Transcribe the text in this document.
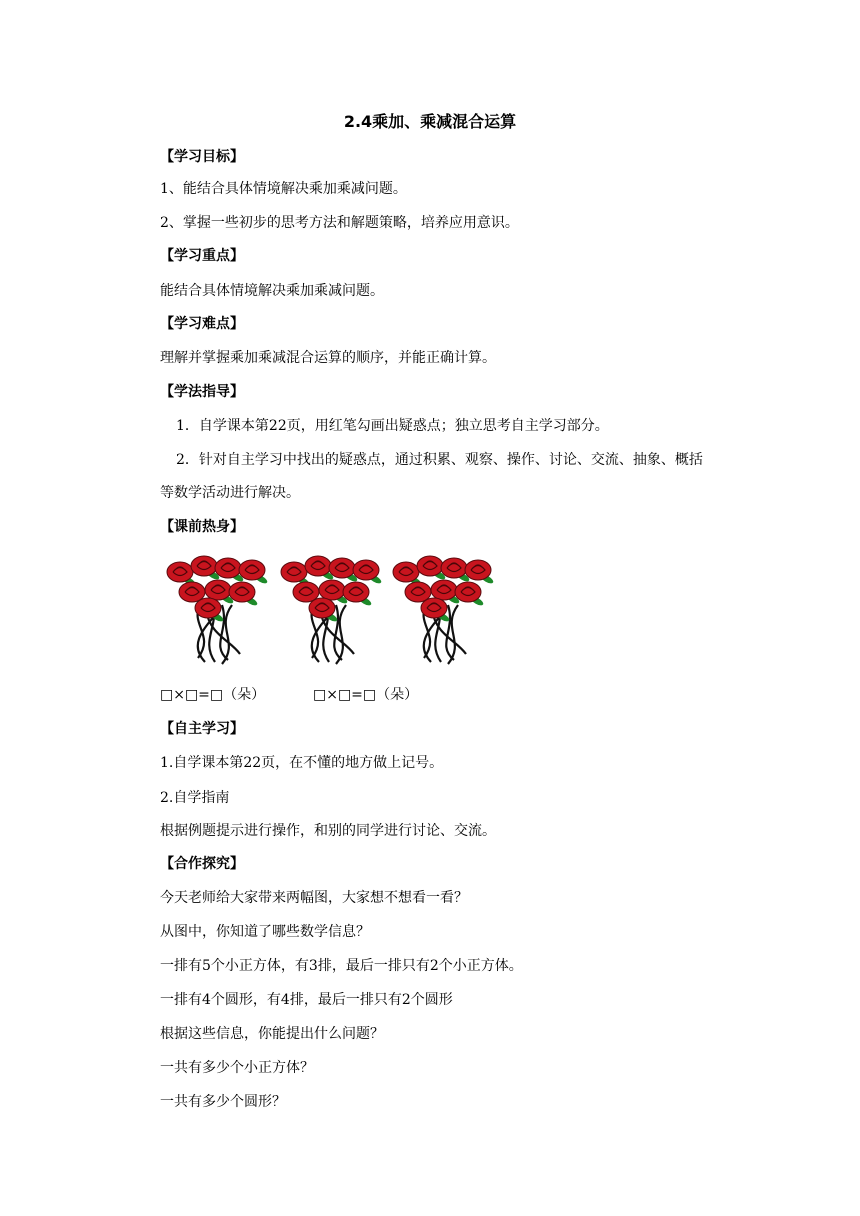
2.4乘加、乘减混合运算
【学习目标】
1、能结合具体情境解决乘加乘减问题。
2、掌握一些初步的思考方法和解题策略，培养应用意识。
【学习重点】
能结合具体情境解决乘加乘减问题。
【学习难点】
理解并掌握乘加乘减混合运算的顺序，并能正确计算。
【学法指导】
1．自学课本第22页，用红笔勾画出疑惑点；独立思考自主学习部分。
2．针对自主学习中找出的疑惑点，通过积累、观察、操作、讨论、交流、抽象、概括
等数学活动进行解决。
【课前热身】
□×□=□（朵）	□×□=□（朵）
【自主学习】
1.自学课本第22页，在不懂的地方做上记号。
2.自学指南
根据例题提示进行操作，和别的同学进行讨论、交流。
【合作探究】
今天老师给大家带来两幅图，大家想不想看一看？
从图中，你知道了哪些数学信息？
一排有5个小正方体，有3排，最后一排只有2个小正方体。
一排有4个圆形，有4排，最后一排只有2个圆形
根据这些信息，你能提出什么问题？
一共有多少个小正方体？
一共有多少个圆形？
